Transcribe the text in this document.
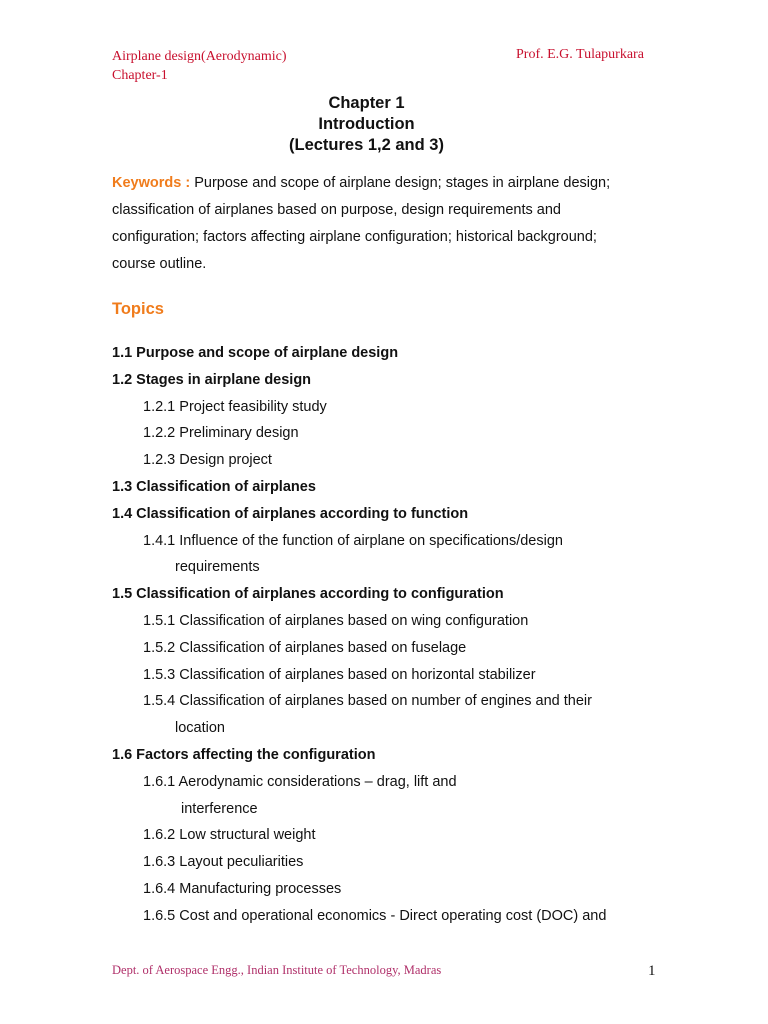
Airplane design(Aerodynamic)
Chapter-1
Prof. E.G. Tulapurkara
Chapter 1
Introduction
(Lectures 1,2 and 3)
Keywords : Purpose and scope of airplane design; stages in airplane design; classification of airplanes based on purpose, design requirements and configuration; factors affecting airplane configuration; historical background; course outline.
Topics
1.1 Purpose and scope of airplane design
1.2 Stages in airplane design
1.2.1 Project feasibility study
1.2.2 Preliminary design
1.2.3 Design project
1.3 Classification of airplanes
1.4 Classification of airplanes according to function
1.4.1 Influence of the function of airplane on specifications/design
requirements
1.5 Classification of airplanes according to configuration
1.5.1 Classification of airplanes based on wing configuration
1.5.2 Classification of airplanes based on fuselage
1.5.3 Classification of airplanes based on horizontal stabilizer
1.5.4 Classification of airplanes based on number of engines and their
location
1.6 Factors affecting the configuration
1.6.1 Aerodynamic considerations – drag, lift and
interference
1.6.2 Low structural weight
1.6.3 Layout peculiarities
1.6.4 Manufacturing processes
1.6.5 Cost and operational economics - Direct operating cost (DOC) and
Dept. of Aerospace Engg., Indian Institute of Technology, Madras	1
